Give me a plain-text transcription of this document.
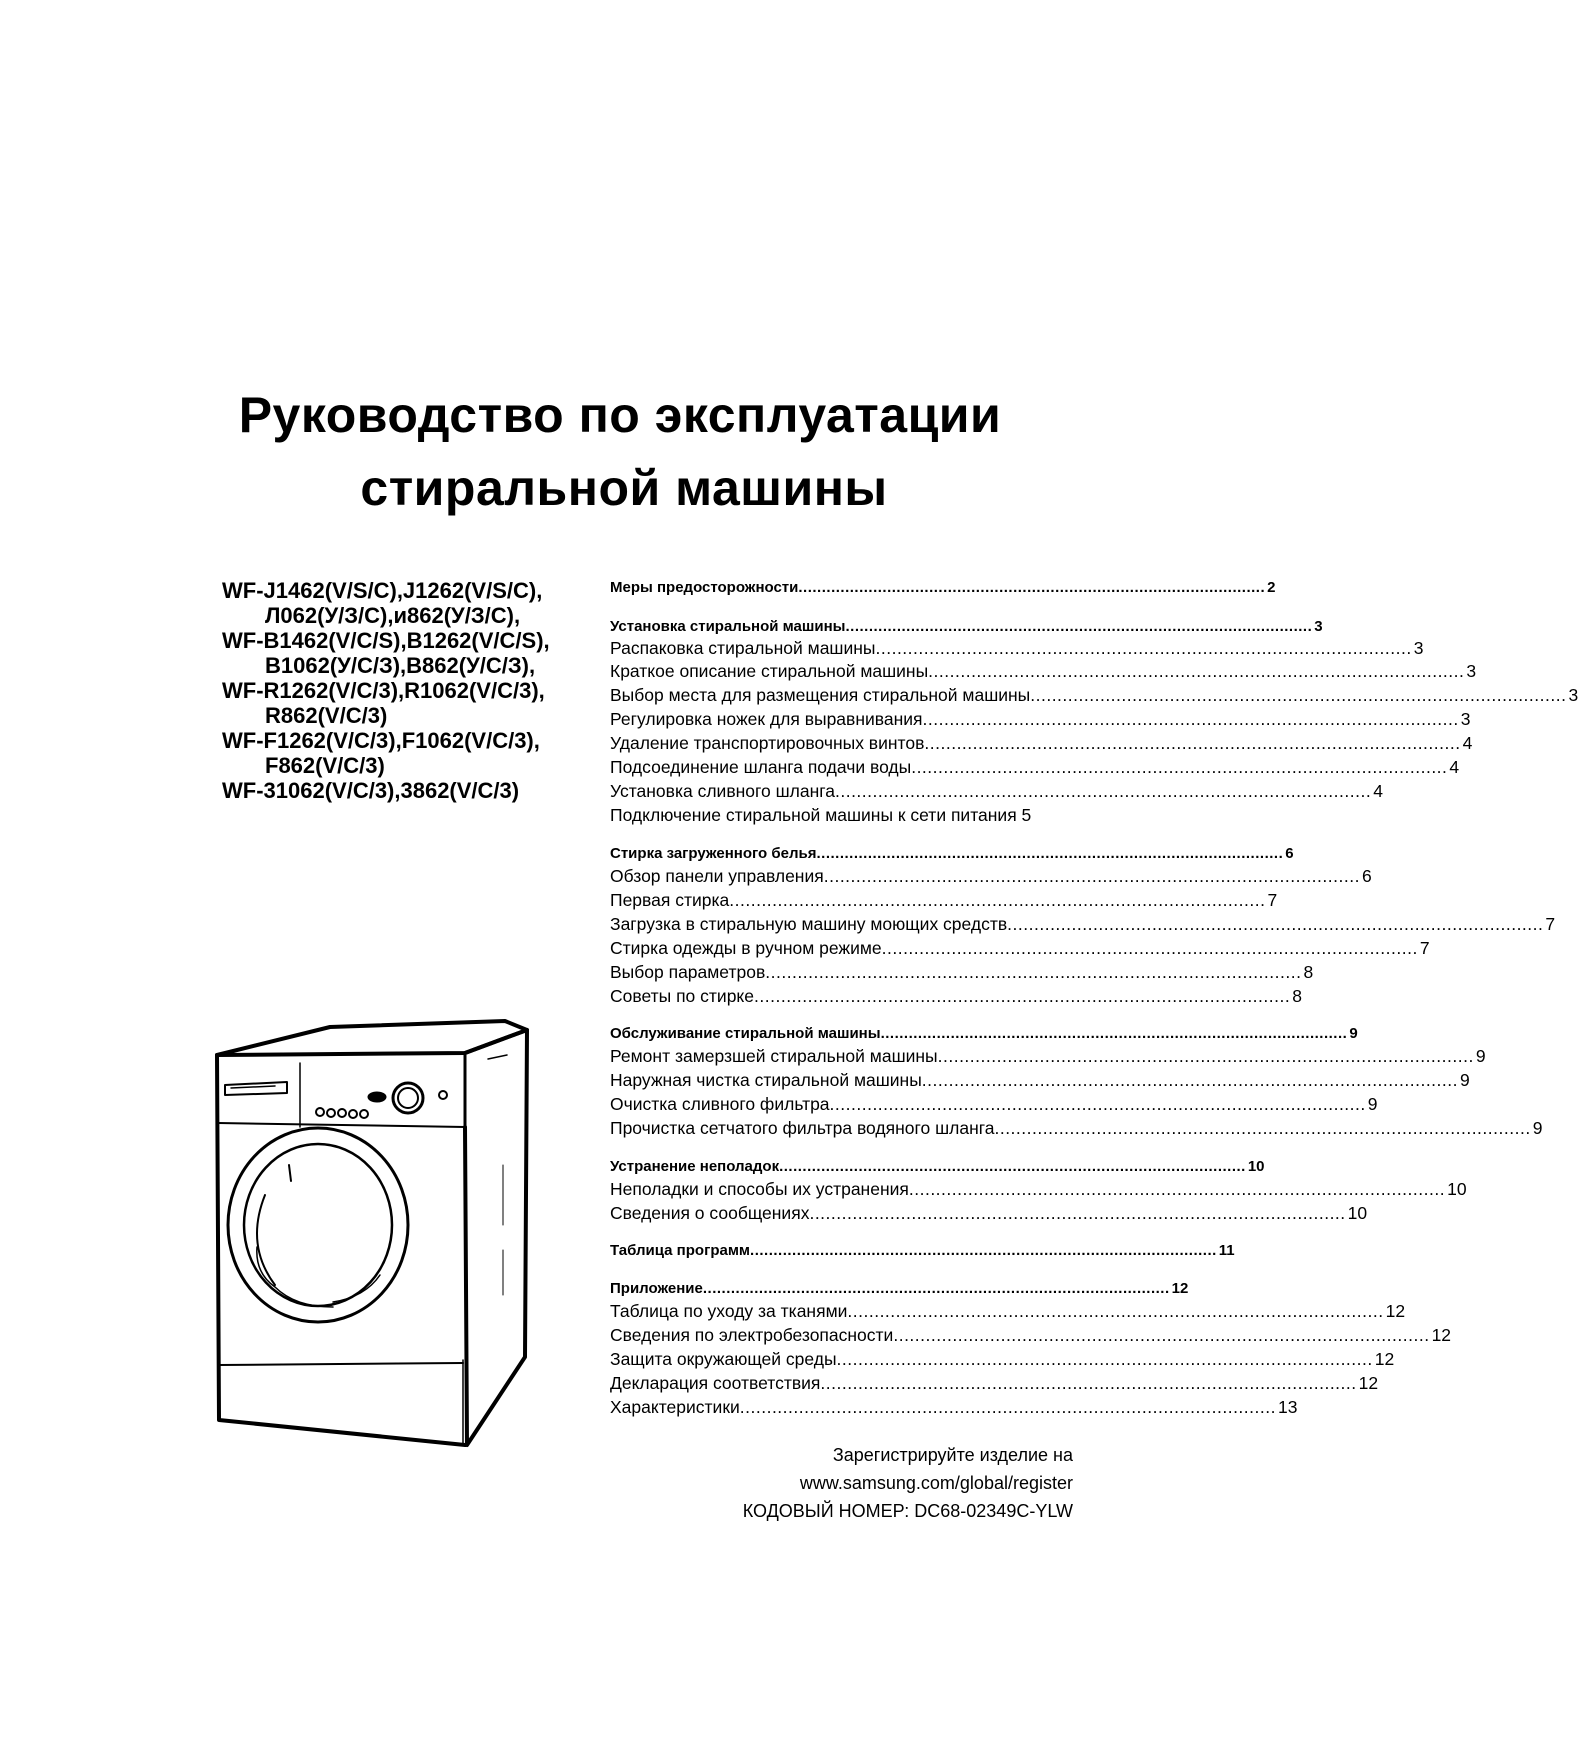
Руководство по эксплуатации
стиральной машины
WF-J1462(V/S/C),J1262(V/S/C),
Л062(У/З/С),и862(У/З/С),
WF-B1462(V/C/S),B1262(V/C/S),
В1062(У/С/З),В862(У/С/З),
WF-R1262(V/C/3),R1062(V/C/3),
R862(V/C/3)
WF-F1262(V/C/3),F1062(V/C/3),
F862(V/C/3)
WF-31062(V/C/3),3862(V/C/3)
Меры предосторожности .................................................................................................... 2
Установка стиральной машины .................................................................................................... 3
Распаковка стиральной машины .................................................................................................... 3
Краткое описание стиральной машины .................................................................................................... 3
Выбор места для размещения стиральной машины .................................................................................................... 3
Регулировка ножек для выравнивания .................................................................................................... 3
Удаление транспортировочных винтов .................................................................................................... 4
Подсоединение шланга подачи воды .................................................................................................... 4
Установка сливного шланга .................................................................................................... 4
Подключение стиральной машины к сети питания 5
Стирка загруженного белья .................................................................................................... 6
Обзор панели управления .................................................................................................... 6
Первая стирка .................................................................................................... 7
Загрузка в стиральную машину моющих средств .................................................................................................... 7
Стирка одежды в ручном режиме .................................................................................................... 7
Выбор параметров .................................................................................................... 8
Советы по стирке .................................................................................................... 8
Обслуживание стиральной машины .................................................................................................... 9
Ремонт замерзшей стиральной машины .................................................................................................... 9
Наружная чистка стиральной машины .................................................................................................... 9
Очистка сливного фильтра .................................................................................................... 9
Прочистка сетчатого фильтра водяного шланга .................................................................................................... 9
Устранение неполадок .................................................................................................... 10
Неполадки и способы их устранения .................................................................................................... 10
Сведения о сообщениях .................................................................................................... 10
Таблица программ .................................................................................................... 11
Приложение .................................................................................................... 12
Таблица по уходу за тканями .................................................................................................... 12
Сведения по электробезопасности .................................................................................................... 12
Защита окружающей среды .................................................................................................... 12
Декларация соответствия .................................................................................................... 12
Характеристики .................................................................................................... 13
Зарегистрируйте изделие на
www.samsung.com/global/register
КОДОВЫЙ НОМЕР: DC68-02349C-YLW
